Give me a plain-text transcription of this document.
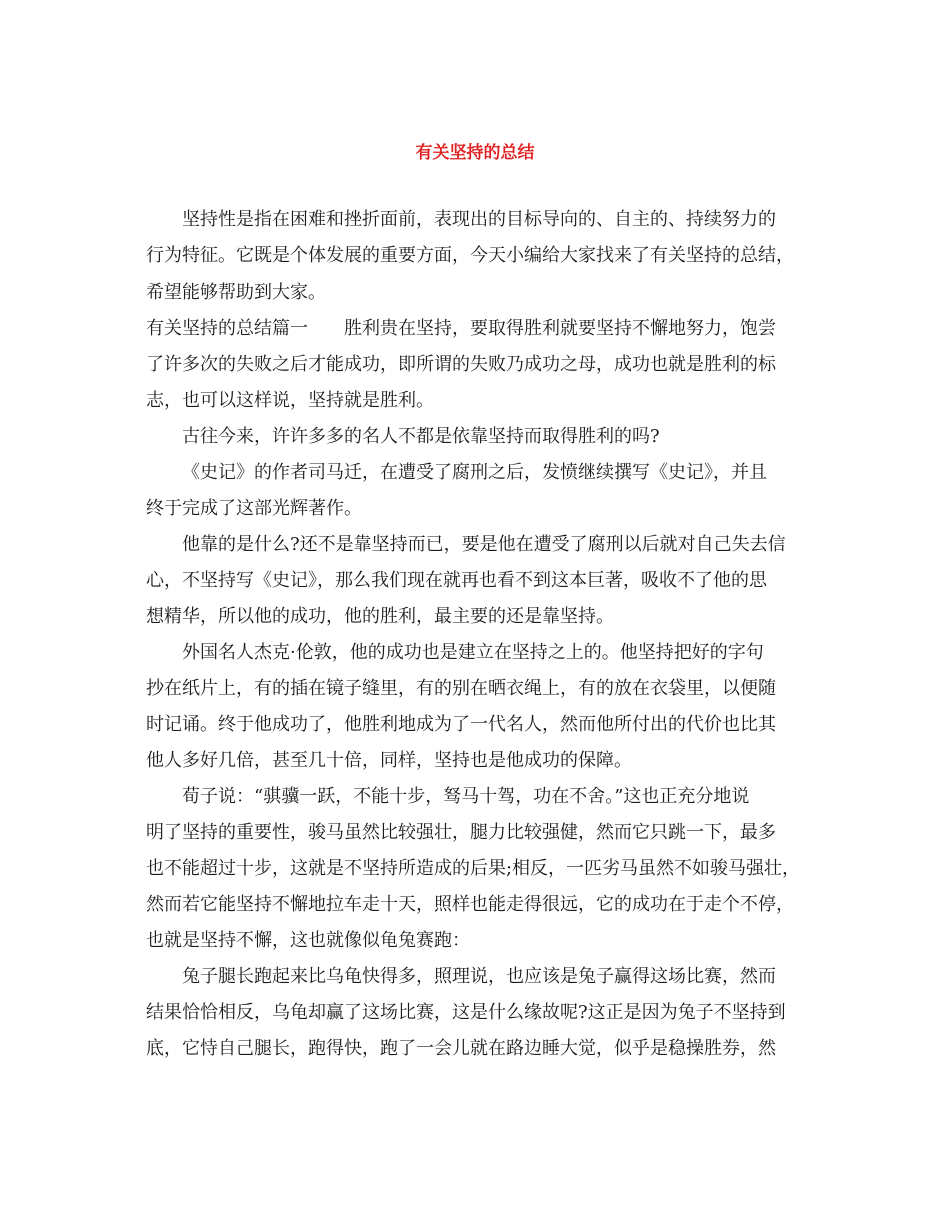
有关坚持的总结
坚持性是指在困难和挫折面前，表现出的目标导向的、自主的、持续努力的
行为特征。它既是个体发展的重要方面，今天小编给大家找来了有关坚持的总结，
希望能够帮助到大家。
有关坚持的总结篇一　　胜利贵在坚持，要取得胜利就要坚持不懈地努力，饱尝
了许多次的失败之后才能成功，即所谓的失败乃成功之母，成功也就是胜利的标
志，也可以这样说，坚持就是胜利。
古往今来，许许多多的名人不都是依靠坚持而取得胜利的吗?
《史记》的作者司马迁，在遭受了腐刑之后，发愤继续撰写《史记》，并且
终于完成了这部光辉著作。
他靠的是什么?还不是靠坚持而已，要是他在遭受了腐刑以后就对自己失去信
心，不坚持写《史记》，那么我们现在就再也看不到这本巨著，吸收不了他的思
想精华，所以他的成功，他的胜利，最主要的还是靠坚持。
外国名人杰克·伦敦，他的成功也是建立在坚持之上的。他坚持把好的字句
抄在纸片上，有的插在镜子缝里，有的别在晒衣绳上，有的放在衣袋里，以便随
时记诵。终于他成功了，他胜利地成为了一代名人，然而他所付出的代价也比其
他人多好几倍，甚至几十倍，同样，坚持也是他成功的保障。
荀子说：“骐骥一跃，不能十步，驽马十驾，功在不舍。”这也正充分地说
明了坚持的重要性，骏马虽然比较强壮，腿力比较强健，然而它只跳一下，最多
也不能超过十步，这就是不坚持所造成的后果;相反，一匹劣马虽然不如骏马强壮，
然而若它能坚持不懈地拉车走十天，照样也能走得很远，它的成功在于走个不停，
也就是坚持不懈，这也就像似龟兔赛跑：
兔子腿长跑起来比乌龟快得多，照理说，也应该是兔子赢得这场比赛，然而
结果恰恰相反，乌龟却赢了这场比赛，这是什么缘故呢?这正是因为兔子不坚持到
底，它恃自己腿长，跑得快，跑了一会儿就在路边睡大觉，似乎是稳操胜券，然
